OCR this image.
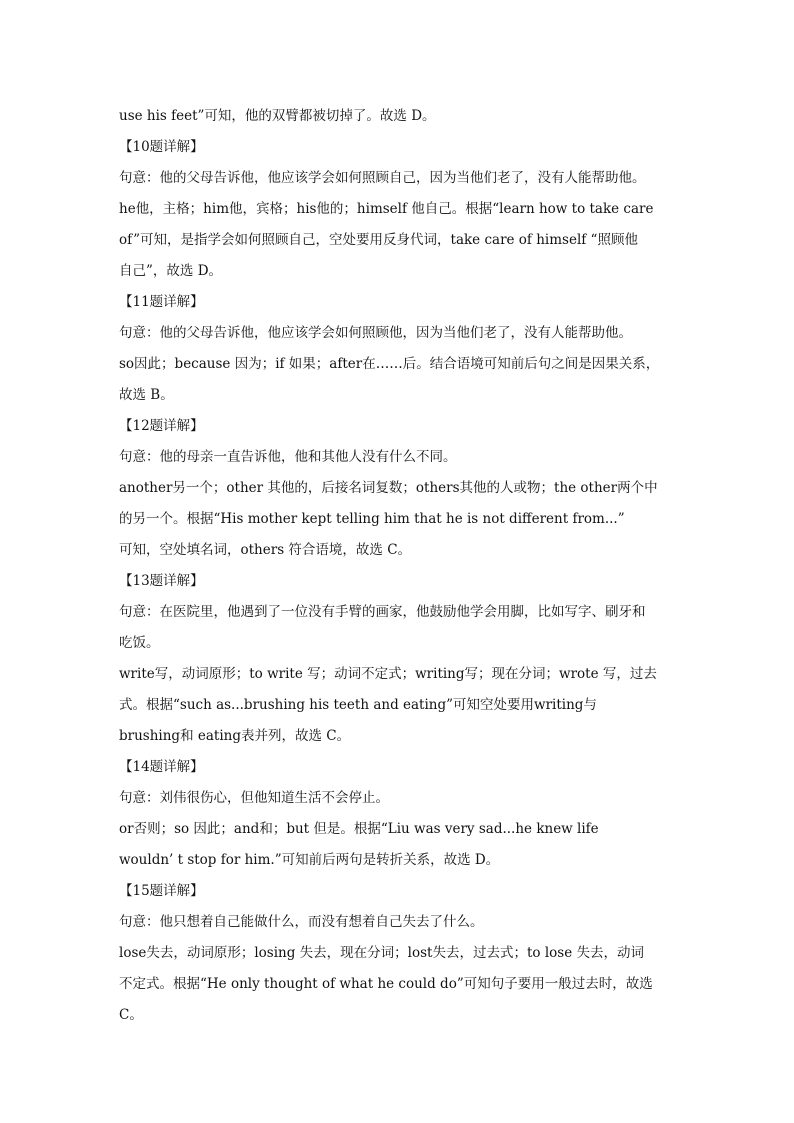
use his feet”可知，他的双臂都被切掉了。故选 D。
【10题详解】
句意：他的父母告诉他，他应该学会如何照顾自己，因为当他们老了，没有人能帮助他。
he他，主格；him他，宾格；his他的；himself 他自己。根据“learn how to take care
of”可知，是指学会如何照顾自己，空处要用反身代词，take care of himself “照顾他
自己”，故选 D。
【11题详解】
句意：他的父母告诉他，他应该学会如何照顾他，因为当他们老了，没有人能帮助他。
so因此；because 因为；if 如果；after在……后。结合语境可知前后句之间是因果关系，
故选 B。
【12题详解】
句意：他的母亲一直告诉他，他和其他人没有什么不同。
another另一个；other 其他的，后接名词复数；others其他的人或物；the other两个中
的另一个。根据“His mother kept telling him that he is not different from...”
可知，空处填名词，others 符合语境，故选 C。
【13题详解】
句意：在医院里，他遇到了一位没有手臂的画家，他鼓励他学会用脚，比如写字、刷牙和
吃饭。
write写，动词原形；to write 写；动词不定式；writing写；现在分词；wrote 写，过去
式。根据“such as...brushing his teeth and eating”可知空处要用writing与
brushing和 eating表并列，故选 C。
【14题详解】
句意：刘伟很伤心，但他知道生活不会停止。
or否则；so 因此；and和；but 但是。根据“Liu was very sad...he knew life
wouldn’ t stop for him.”可知前后两句是转折关系，故选 D。
【15题详解】
句意：他只想着自己能做什么，而没有想着自己失去了什么。
lose失去，动词原形；losing 失去，现在分词；lost失去，过去式；to lose 失去，动词
不定式。根据“He only thought of what he could do”可知句子要用一般过去时，故选
C。
